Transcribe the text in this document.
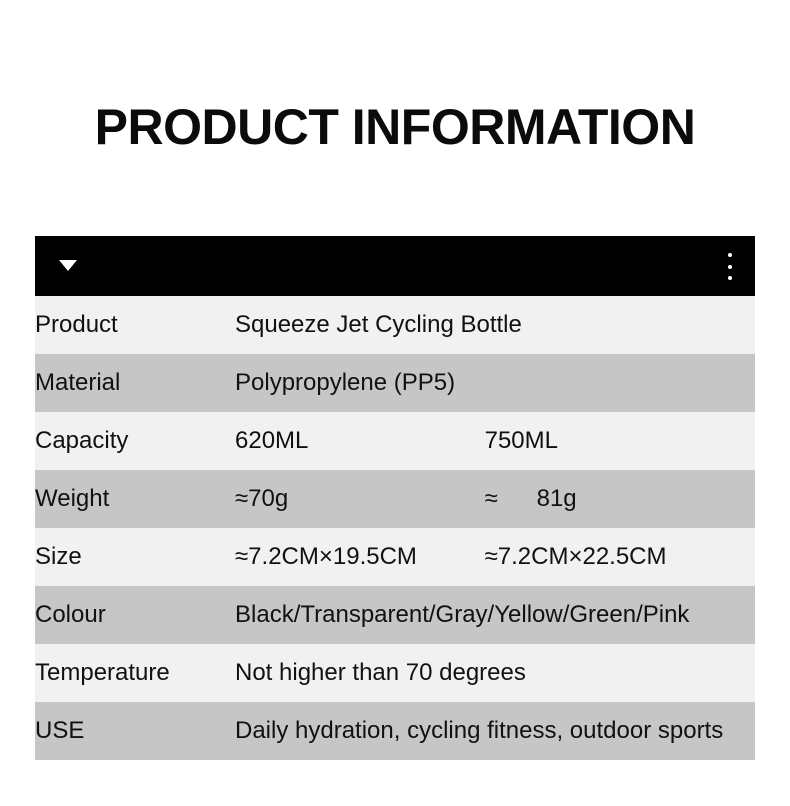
PRODUCT INFORMATION

Product	Squeeze Jet Cycling Bottle
Material	Polypropylene (PP5)
Capacity	620ML 750ML

Weight	≈70g ≈ 81g

Size	≈7.2CM×19.5CM ≈7.2CM×22.5CM

Colour	Black/Transparent/Gray/Yellow/Green/Pink
Temperature	Not higher than 70 degrees
USE	Daily hydration, cycling fitness, outdoor sports
